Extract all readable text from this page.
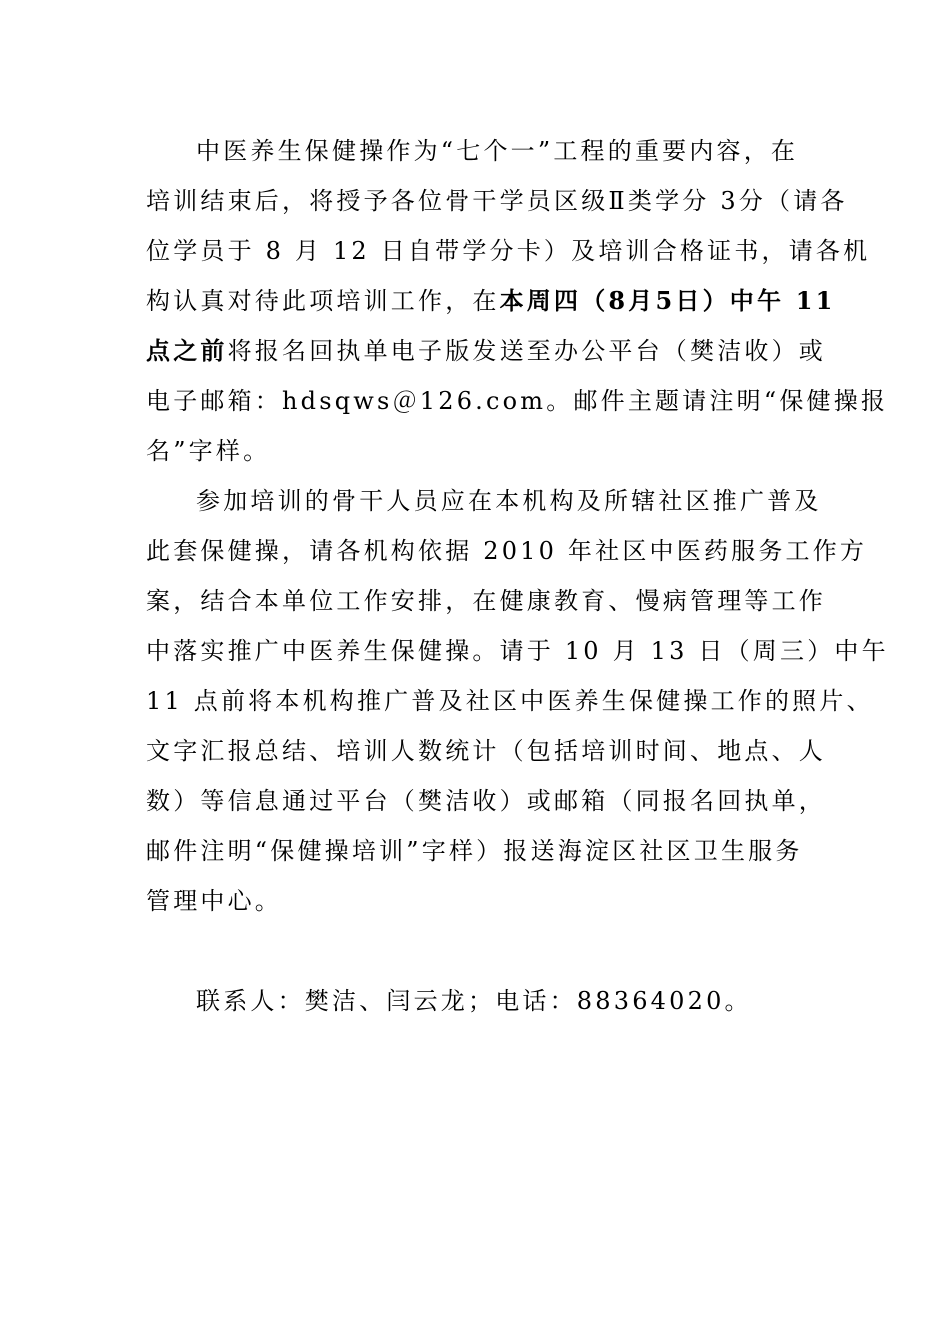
中医养生保健操作为“七个一”工程的重要内容，在
培训结束后，将授予各位骨干学员区级Ⅱ类学分 3分（请各
位学员于 8 月 12 日自带学分卡）及培训合格证书，请各机
构认真对待此项培训工作，在本周四（8月5日）中午 11
点之前将报名回执单电子版发送至办公平台（樊洁收）或
电子邮箱：hdsqws＠126.com。邮件主题请注明“保健操报
名”字样。
参加培训的骨干人员应在本机构及所辖社区推广普及
此套保健操，请各机构依据 2010 年社区中医药服务工作方
案，结合本单位工作安排，在健康教育、慢病管理等工作
中落实推广中医养生保健操。请于 10 月 13 日（周三）中午
11 点前将本机构推广普及社区中医养生保健操工作的照片、
文字汇报总结、培训人数统计（包括培训时间、地点、人
数）等信息通过平台（樊洁收）或邮箱（同报名回执单，
邮件注明“保健操培训”字样）报送海淀区社区卫生服务
管理中心。
联系人：樊洁、闫云龙；电话：88364020。
